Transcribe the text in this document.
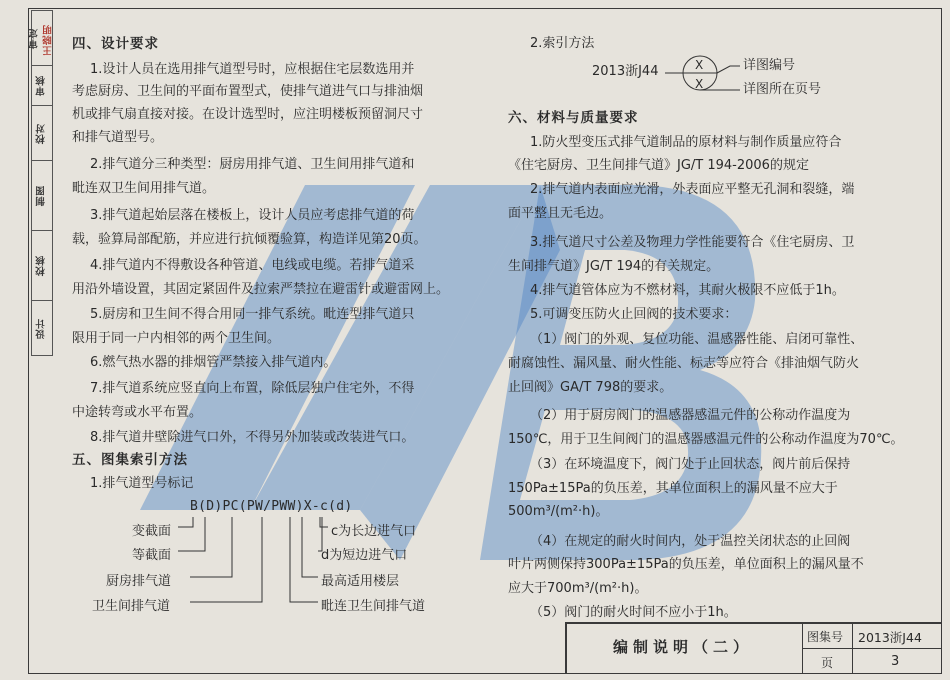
审定 王晓明
审核
校对
制图
校核
设计
四、设计要求
1.设计人员在选用排气道型号时，应根据住宅层数选用并
考虑厨房、卫生间的平面布置型式，使排气道进气口与排油烟
机或排气扇直接对接。在设计选型时，应注明楼板预留洞尺寸
和排气道型号。
2.排气道分三种类型：厨房用排气道、卫生间用排气道和
毗连双卫生间用排气道。
3.排气道起始层落在楼板上，设计人员应考虑排气道的荷
载，验算局部配筋，并应进行抗倾覆验算，构造详见第20页。
4.排气道内不得敷设各种管道、电线或电缆。若排气道采
用沿外墙设置，其固定紧固件及拉索严禁拉在避雷针或避雷网上。
5.厨房和卫生间不得合用同一排气系统。毗连型排气道只
限用于同一户内相邻的两个卫生间。
6.燃气热水器的排烟管严禁接入排气道内。
7.排气道系统应竖直向上布置，除低层独户住宅外，不得
中途转弯或水平布置。
8.排气道井壁除进气口外，不得另外加装或改装进气口。
五、图集索引方法
1.排气道型号标记
B(D)PC(PW/PWW)X-c(d)
变截面
等截面
厨房排气道
卫生间排气道
c为长边进气口
d为短边进气口
最高适用楼层
毗连卫生间排气道
2.索引方法
2013浙J44	X
X
详图编号
详图所在页号
六、材料与质量要求
1.防火型变压式排气道制品的原材料与制作质量应符合
《住宅厨房、卫生间排气道》JG/T 194-2006的规定
2.排气道内表面应光滑，外表面应平整无孔洞和裂缝，端
面平整且无毛边。
3.排气道尺寸公差及物理力学性能要符合《住宅厨房、卫
生间排气道》JG/T 194的有关规定。
4.排气道管体应为不燃材料，其耐火极限不应低于1h。
5.可调变压防火止回阀的技术要求：
（1）阀门的外观、复位功能、温感器性能、启闭可靠性、
耐腐蚀性、漏风量、耐火性能、标志等应符合《排油烟气防火
止回阀》GA/T 798的要求。
（2）用于厨房阀门的温感器感温元件的公称动作温度为
150℃，用于卫生间阀门的温感器感温元件的公称动作温度为70℃。
（3）在环境温度下，阀门处于止回状态，阀片前后保持
150Pa±15Pa的负压差，其单位面积上的漏风量不应大于
500m³/(m²·h)。
（4）在规定的耐火时间内，处于温控关闭状态的止回阀
叶片两侧保持300Pa±15Pa的负压差，单位面积上的漏风量不
应大于700m³/(m²·h)。
（5）阀门的耐火时间不应小于1h。
编制说明（二）
图集号 2013浙J44
页	3
